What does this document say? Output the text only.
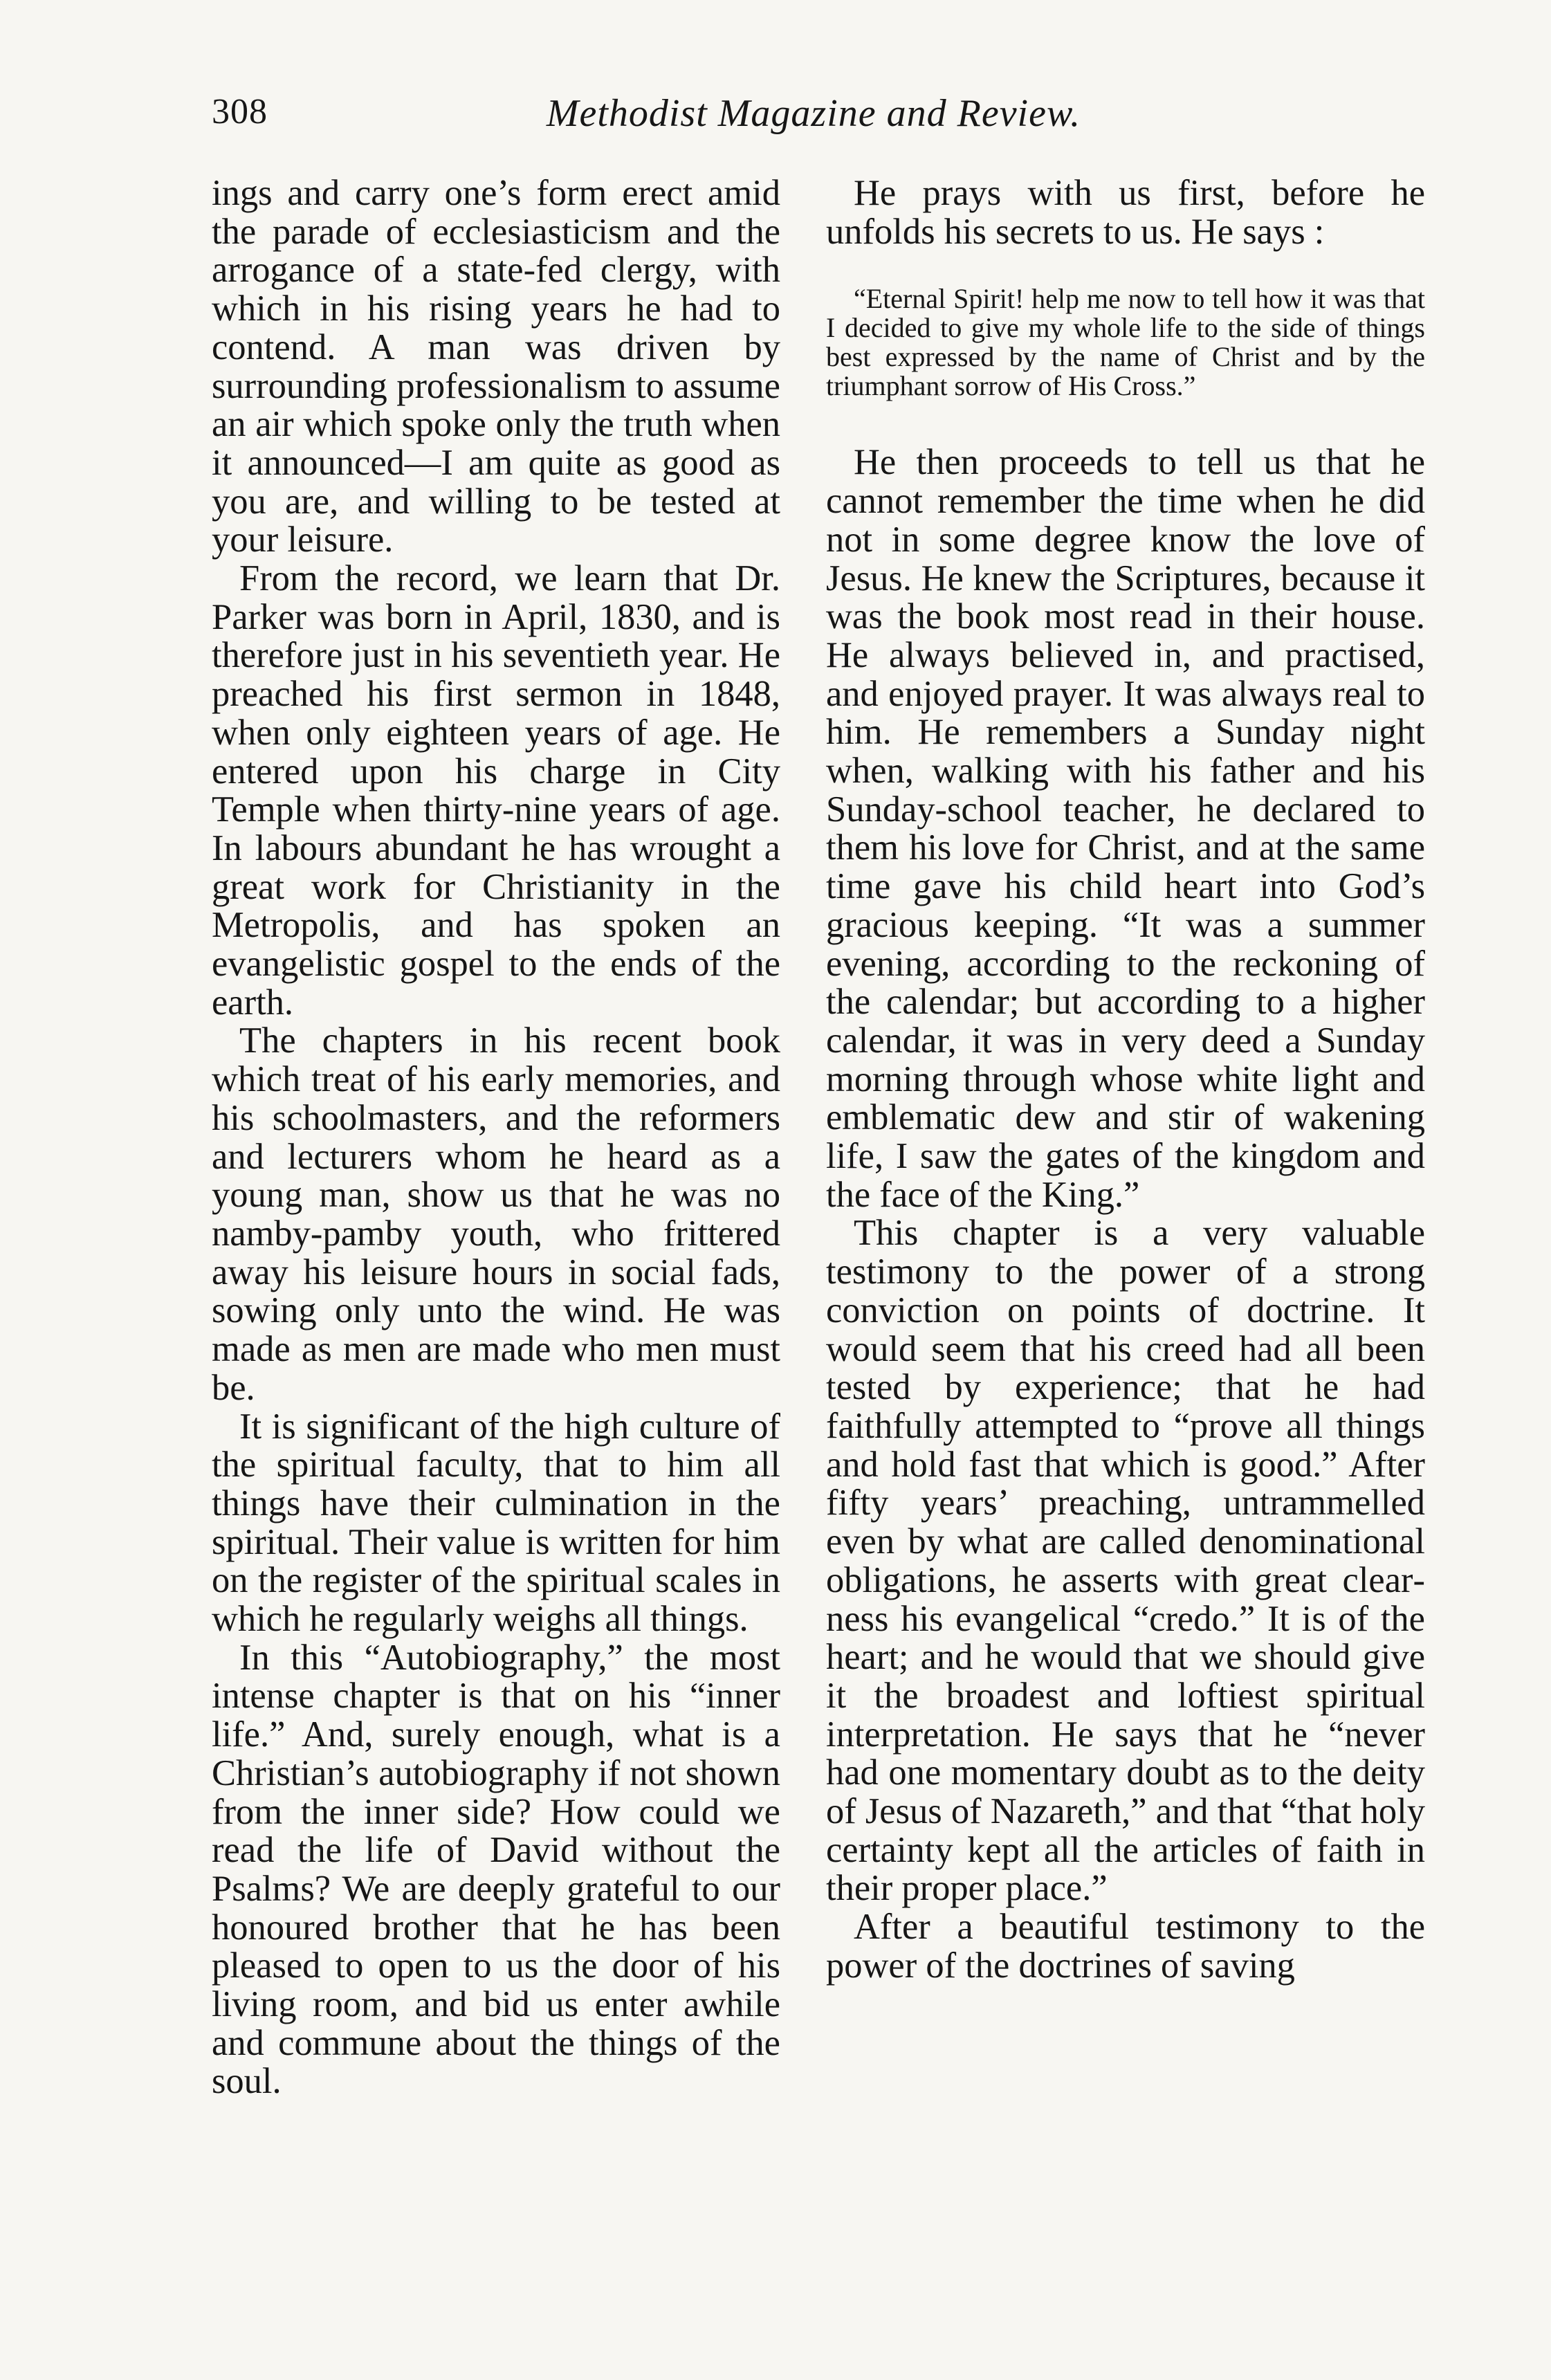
308	Methodist Magazine and Review.

ings and carry one’s form erect amid the parade of ecclesiasticism and the arrogance of a state-fed clergy, with which in his rising years he had to contend. A man was driven by surrounding professionalism to assume an air which spoke only the truth when it announced—I am quite as good as you are, and willing to be tested at your leisure.

From the record, we learn that Dr. Parker was born in April, 1830, and is therefore just in his seventieth year. He preached his first sermon in 1848, when only eighteen years of age. He entered upon his charge in City Temple when thirty-nine years of age. In labours abundant he has wrought a great work for Christianity in the Metropolis, and has spoken an evangelistic gospel to the ends of the earth.

The chapters in his recent book which treat of his early memories, and his schoolmasters, and the reformers and lecturers whom he heard as a young man, show us that he was no namby-pamby youth, who frittered away his leisure hours in social fads, sowing only unto the wind. He was made as men are made who men must be.

It is significant of the high culture of the spiritual faculty, that to him all things have their culmination in the spiritual. Their value is written for him on the register of the spiritual scales in which he regularly weighs all things.

In this “Autobiography,” the most intense chapter is that on his “inner life.” And, surely enough, what is a Christian’s autobiography if not shown from the inner side? How could we read the life of David without the Psalms? We are deeply grateful to our honoured brother that he has been pleased to open to us the door of his living room, and bid us enter awhile and commune about the things of the soul.

He prays with us first, before he unfolds his secrets to us. He says :

“Eternal Spirit! help me now to tell how it was that I decided to give my whole life to the side of things best expressed by the name of Christ and by the triumphant sorrow of His Cross.”

He then proceeds to tell us that he cannot remember the time when he did not in some degree know the love of Jesus. He knew the Scriptures, because it was the book most read in their house. He always believed in, and practised, and enjoyed prayer. It was always real to him. He remembers a Sunday night when, walking with his father and his Sunday-school teacher, he declared to them his love for Christ, and at the same time gave his child heart into God’s gracious keeping. “It was a summer evening, according to the reckoning of the calendar; but according to a higher calendar, it was in very deed a Sunday morning through whose white light and emblematic dew and stir of wakening life, I saw the gates of the kingdom and the face of the King.”

This chapter is a very valuable testimony to the power of a strong conviction on points of doctrine. It would seem that his creed had all been tested by experience; that he had faithfully attempted to “prove all things and hold fast that which is good.” After fifty years’ preaching, untrammelled even by what are called denominational obligations, he asserts with great clearness his evangelical “credo.” It is of the heart; and he would that we should give it the broadest and loftiest spiritual interpretation. He says that he “never had one momentary doubt as to the deity of Jesus of Nazareth,” and that “that holy certainty kept all the articles of faith in their proper place.”

After a beautiful testimony to the power of the doctrines of saving
